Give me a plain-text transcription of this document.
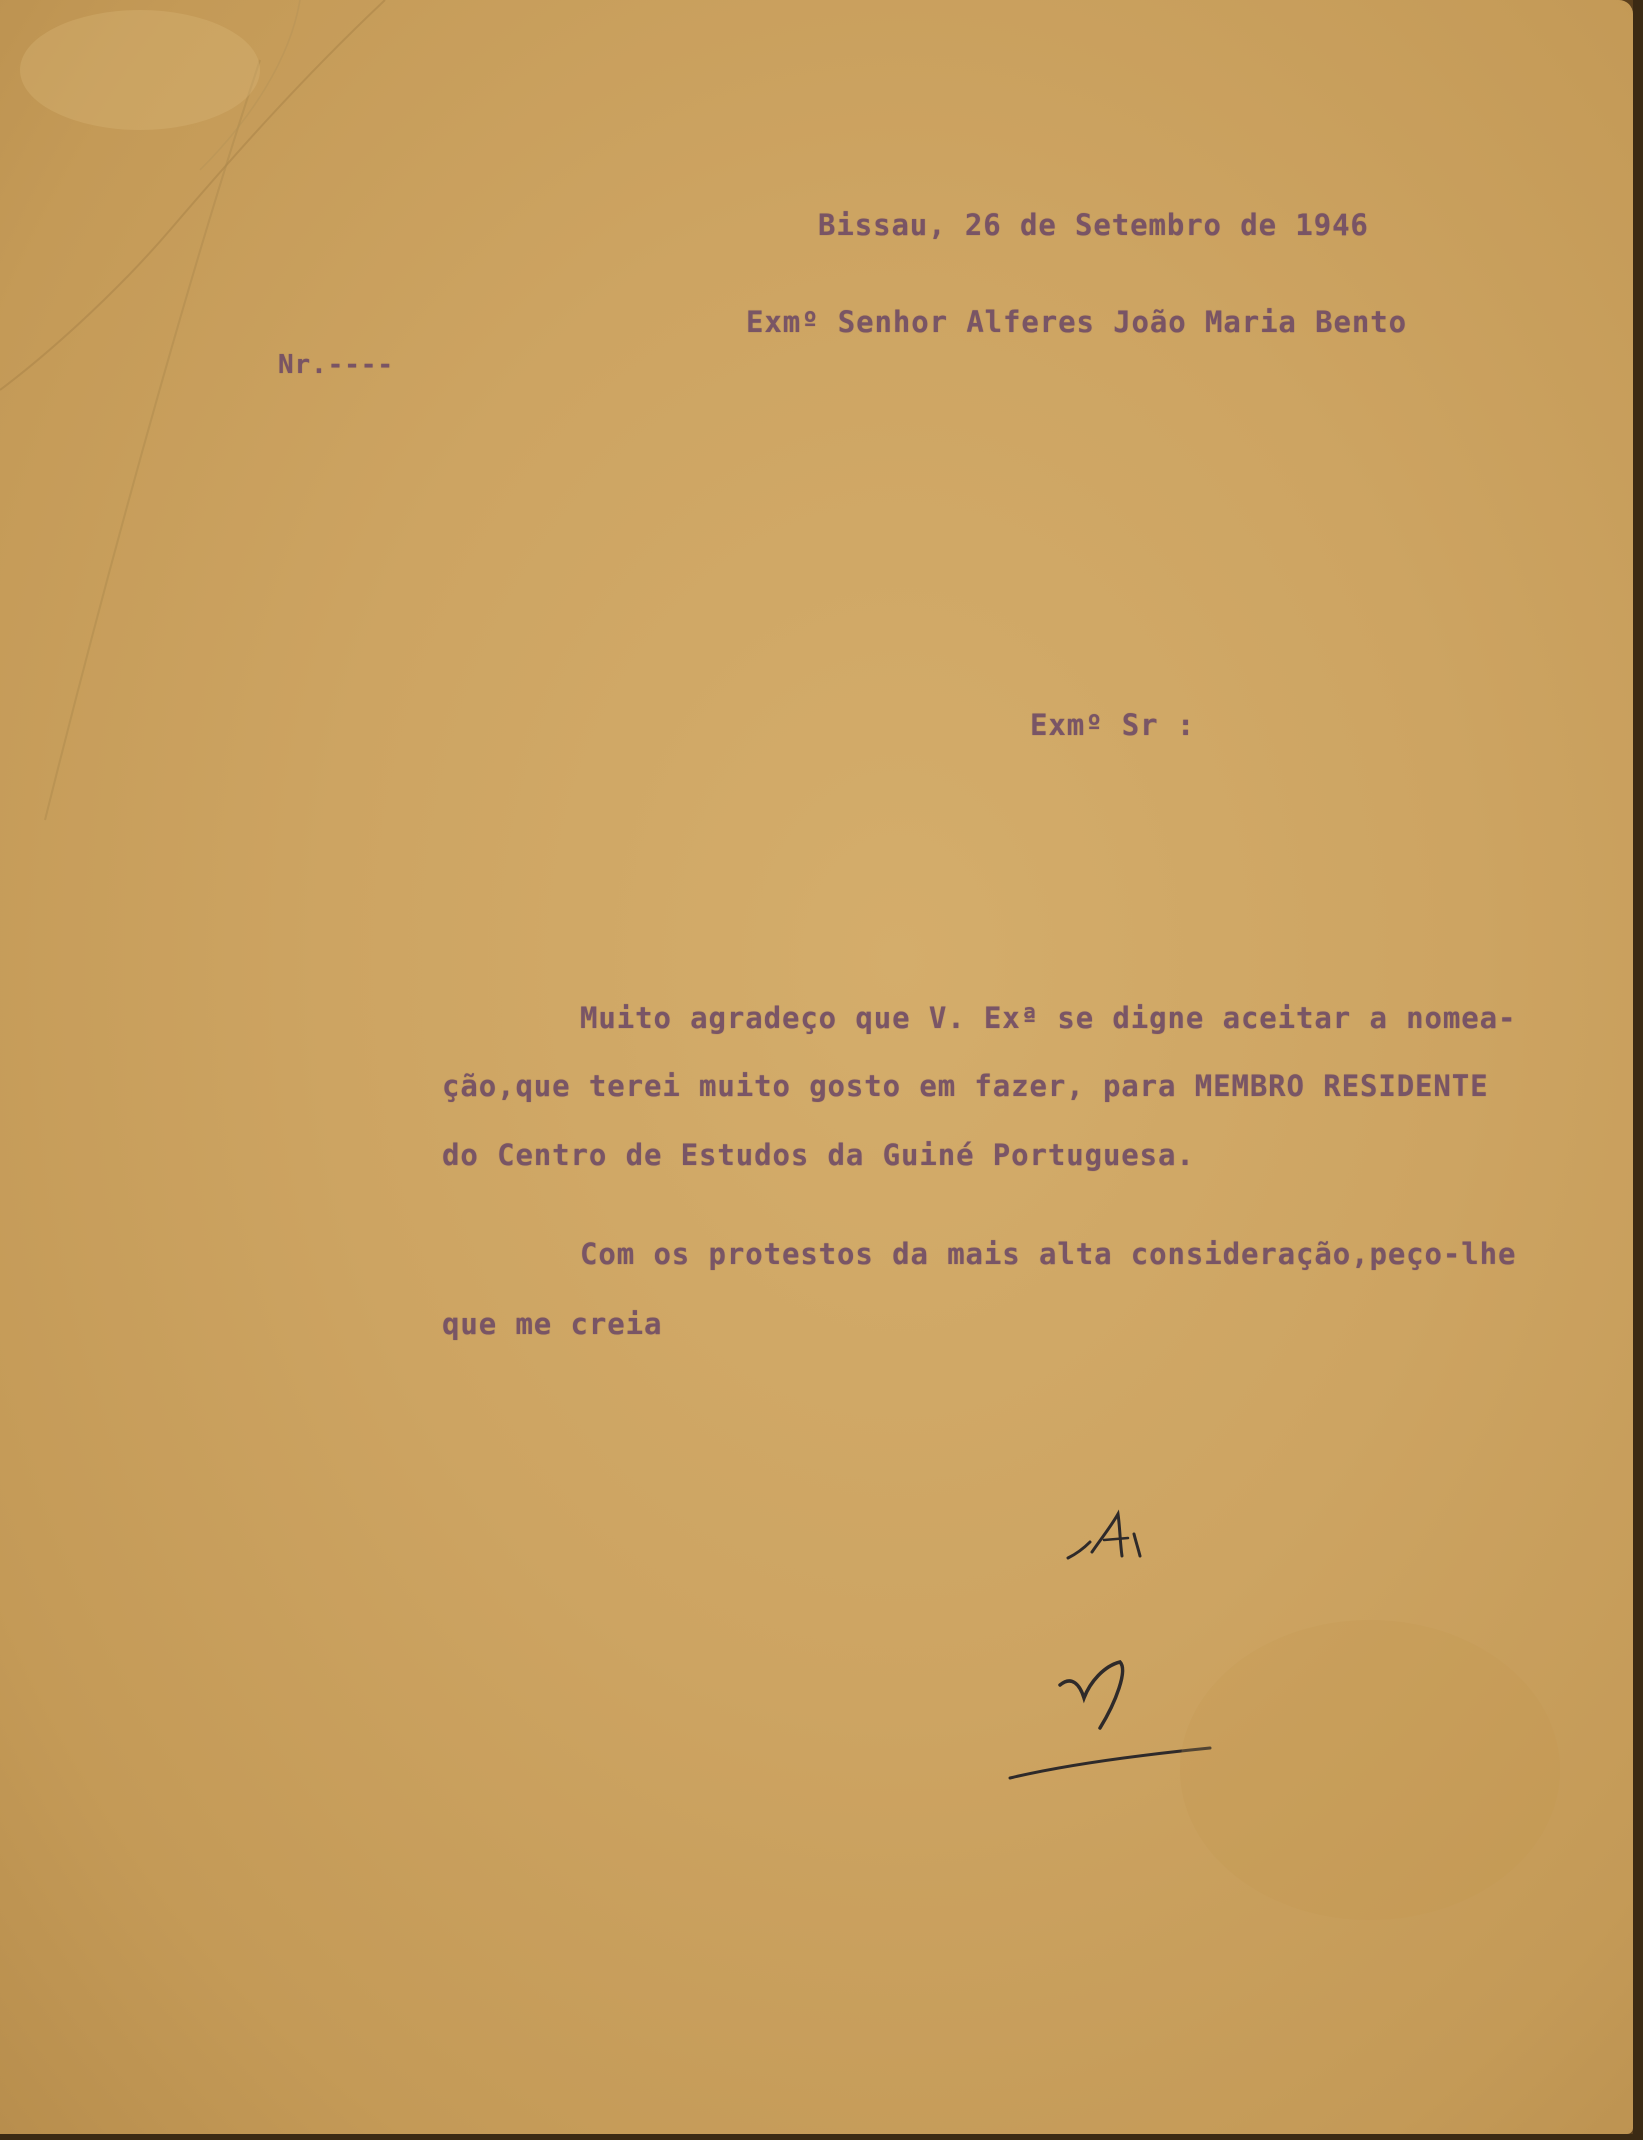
Bissau, 26 de Setembro de 1946
Exmº Senhor Alferes João Maria Bento
Nr.----
Exmº Sr :
Muito agradeço que V. Exª se digne aceitar a nomea-
ção,que terei muito gosto em fazer, para MEMBRO RESIDENTE
do Centro de Estudos da Guiné Portuguesa.
Com os protestos da mais alta consideração,peço-lhe
que me creia
